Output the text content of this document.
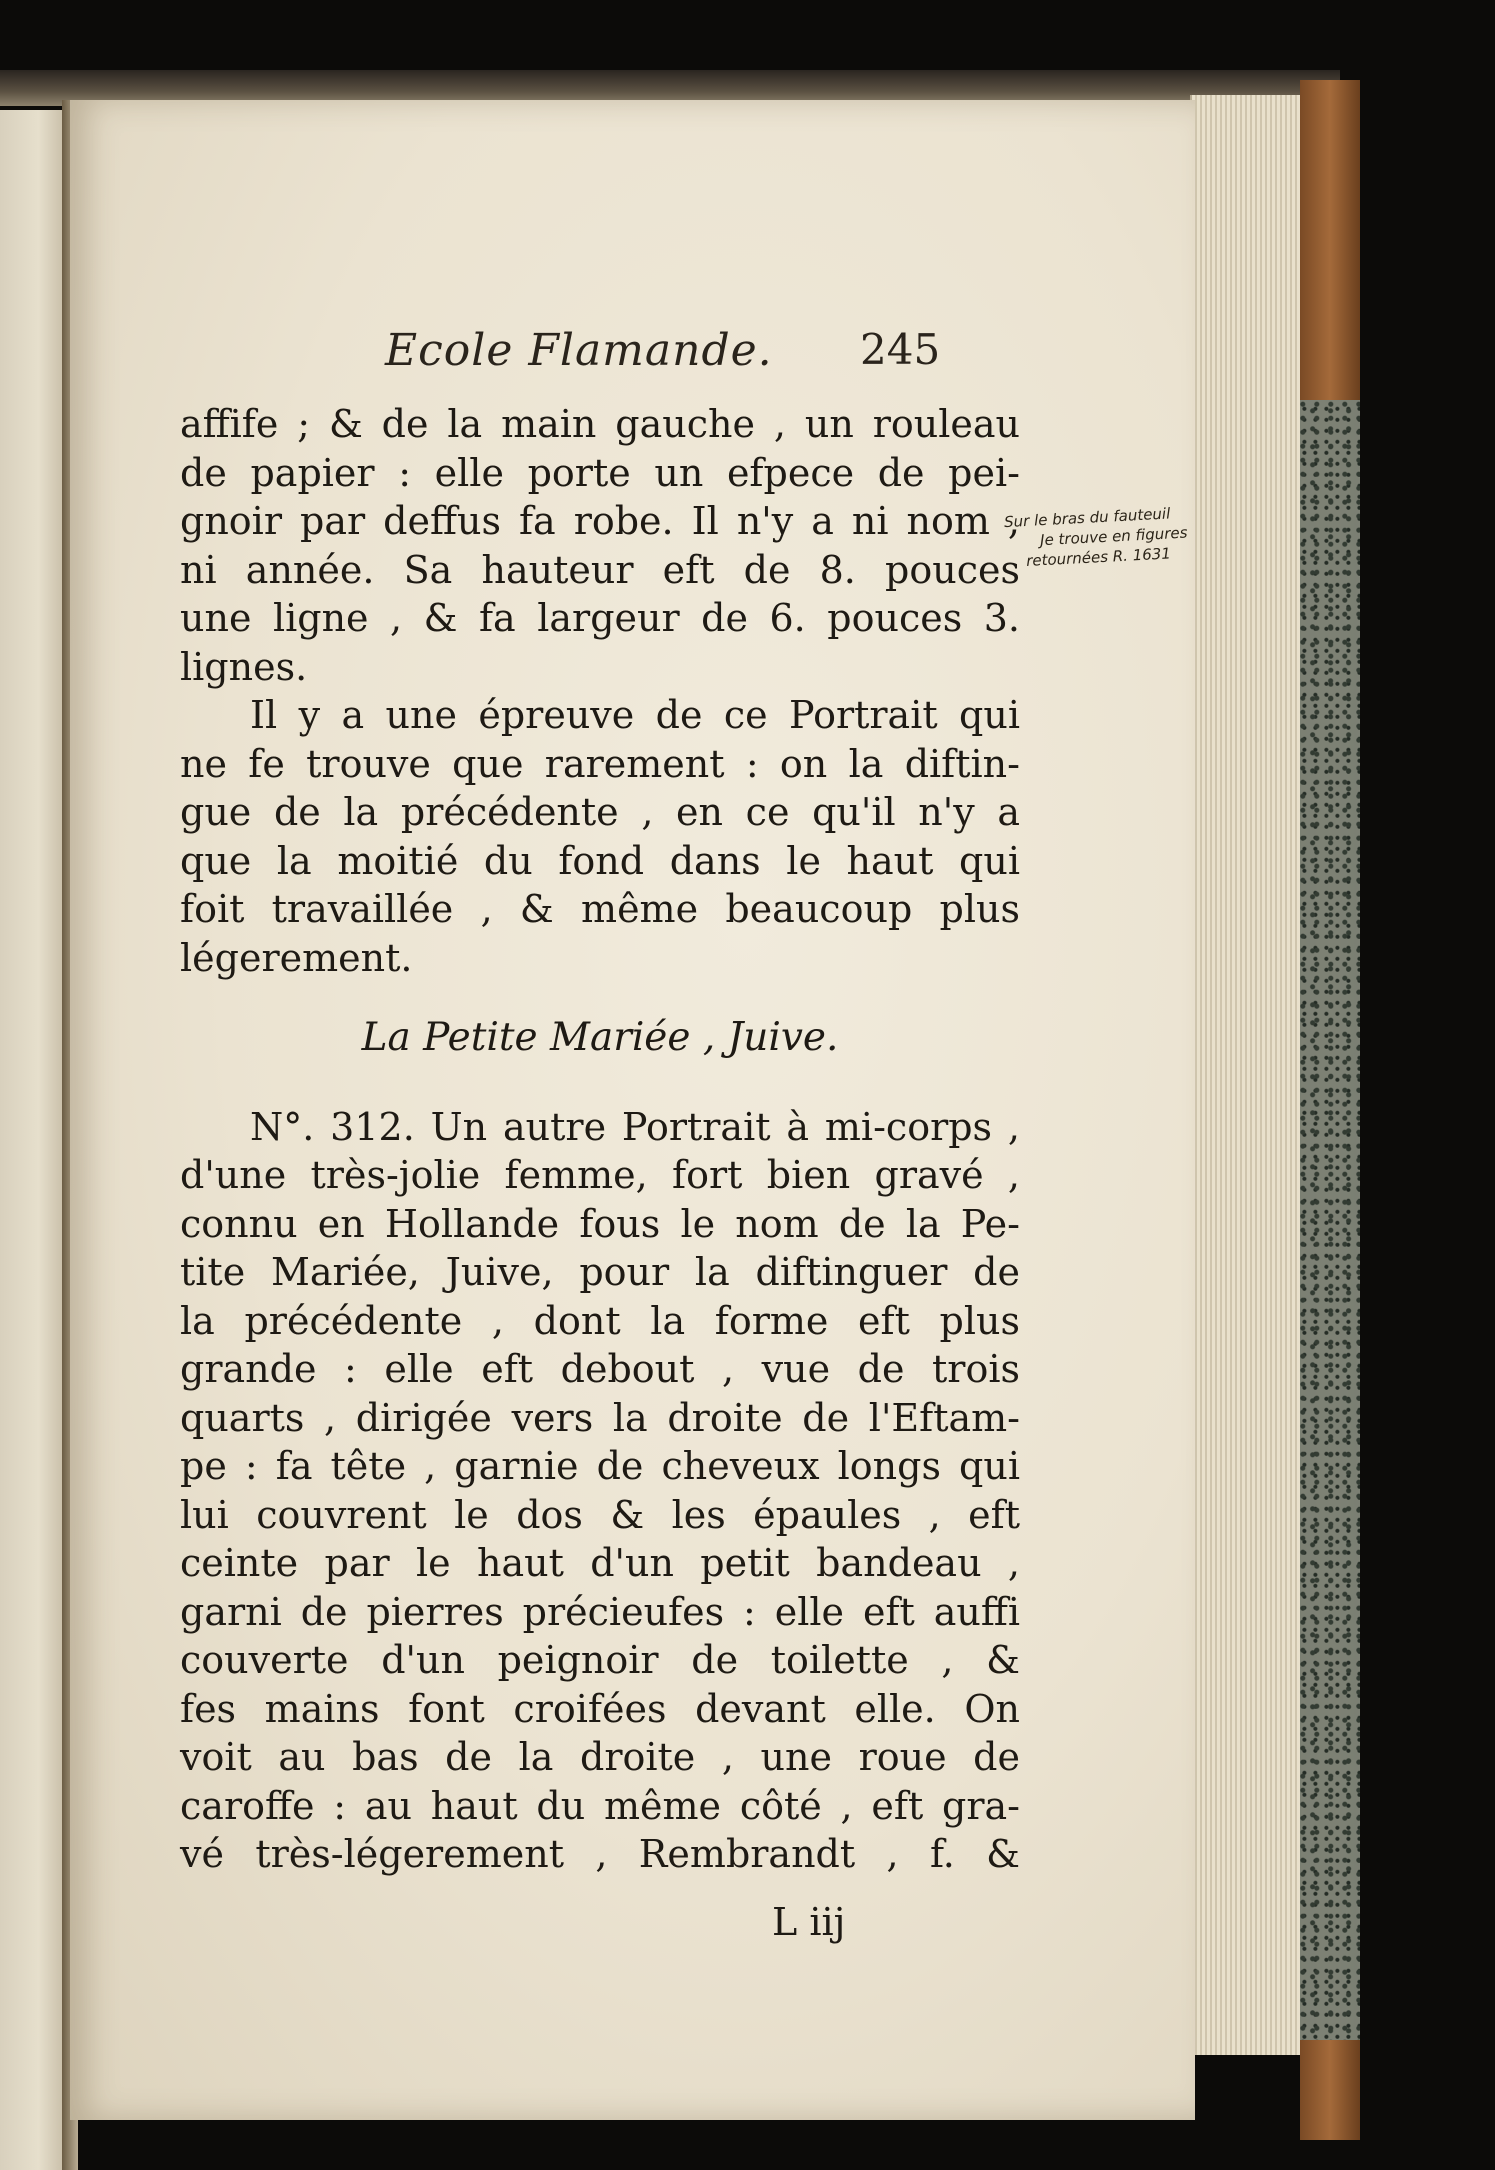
Ecole Flamande. 245
affife ; & de la main gauche , un rouleau
de papier : elle porte un efpece de pei-
gnoir par deffus fa robe. Il n'y a ni nom ,
ni année. Sa hauteur eft de 8. pouces
une ligne , & fa largeur de 6. pouces 3.
lignes.
Il y a une épreuve de ce Portrait qui
ne fe trouve que rarement : on la diftin-
gue de la précédente , en ce qu'il n'y a
que la moitié du fond dans le haut qui
foit travaillée , & même beaucoup plus
légerement.
La Petite Mariée , Juive.
N°. 312. Un autre Portrait à mi-corps ,
d'une très-jolie femme, fort bien gravé ,
connu en Hollande fous le nom de la Pe-
tite Mariée, Juive, pour la diftinguer de
la précédente , dont la forme eft plus
grande : elle eft debout , vue de trois
quarts , dirigée vers la droite de l'Eftam-
pe : fa tête , garnie de cheveux longs qui
lui couvrent le dos & les épaules , eft
ceinte par le haut d'un petit bandeau ,
garni de pierres précieufes : elle eft auffi
couverte d'un peignoir de toilette , &
fes mains font croifées devant elle. On
voit au bas de la droite , une roue de
caroffe : au haut du même côté , eft gra-
vé très-légerement , Rembrandt , f. &
L iij
Sur le bras du fauteuil
Je trouve en figures
retournées R. 1631
